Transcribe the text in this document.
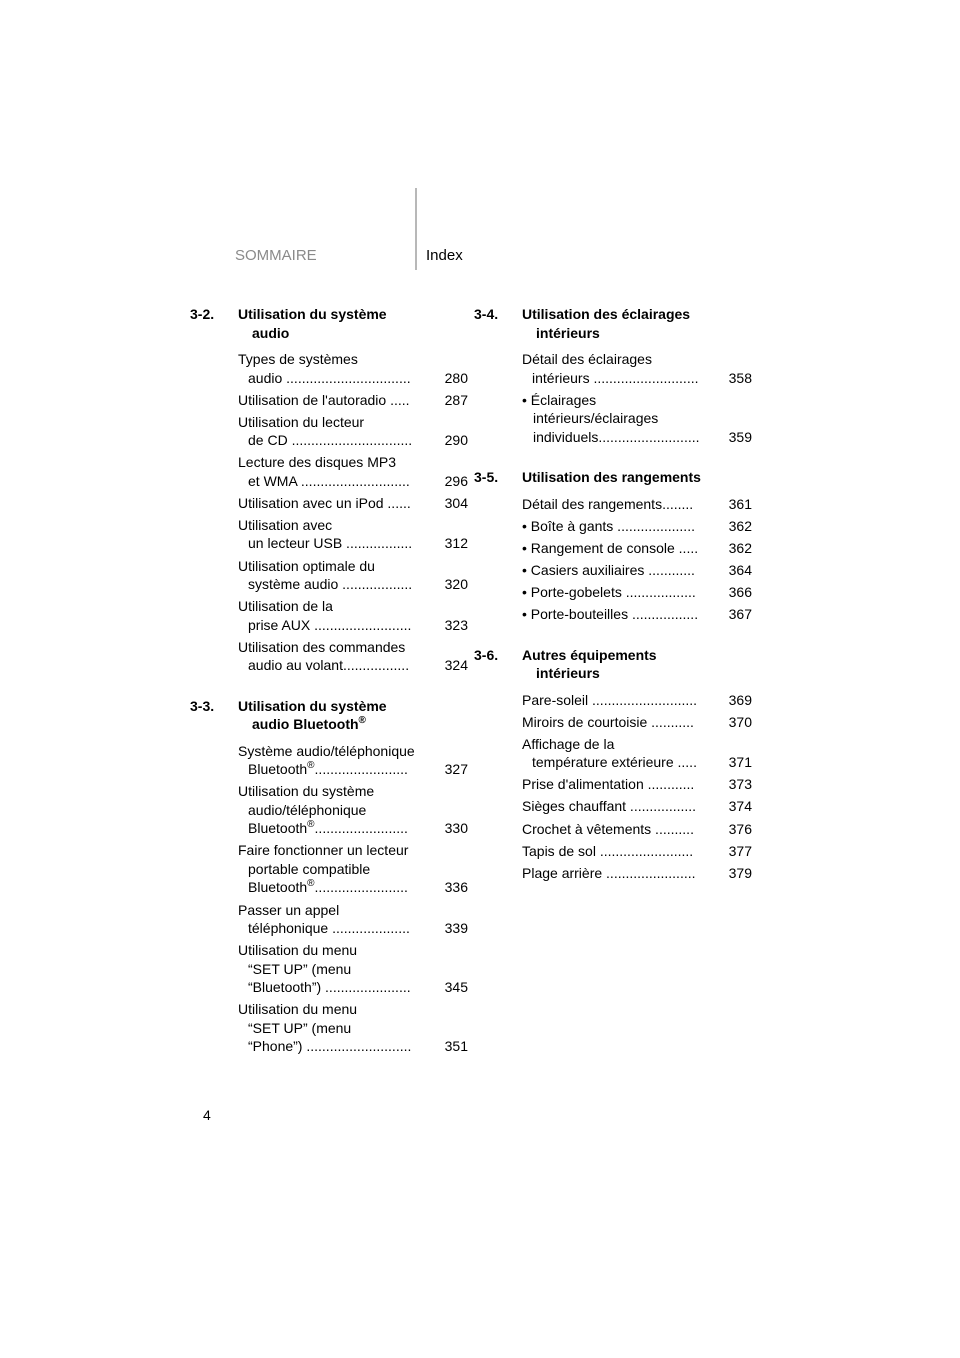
SOMMAIRE	Index
3-2. Utilisation du système
audio
Types de systèmes
audio ................................	280
Utilisation de l'autoradio .....	287
Utilisation du lecteur
de CD ...............................	290
Lecture des disques MP3
et WMA ............................	296
Utilisation avec un iPod ......	304
Utilisation avec
un lecteur USB .................	312
Utilisation optimale du
système audio ..................	320
Utilisation de la
prise AUX .........................	323
Utilisation des commandes
audio au volant.................	324
3-3. Utilisation du système
audio Bluetooth®
Système audio/téléphonique
Bluetooth®........................	327
Utilisation du système
audio/téléphonique
Bluetooth®........................	330
Faire fonctionner un lecteur
portable compatible
Bluetooth®........................	336
Passer un appel
téléphonique ....................	339
Utilisation du menu
“SET UP” (menu
“Bluetooth”) ......................	345
Utilisation du menu
“SET UP” (menu
“Phone”) ...........................	351
3-4. Utilisation des éclairages
intérieurs
Détail des éclairages
intérieurs ...........................	358
• Éclairages
intérieurs/éclairages
individuels..........................	359
3-5. Utilisation des rangements
Détail des rangements........	361
• Boîte à gants ....................	362
• Rangement de console .....	362
• Casiers auxiliaires ............	364
• Porte-gobelets ..................	366
• Porte-bouteilles .................	367
3-6. Autres équipements
intérieurs
Pare-soleil ...........................	369
Miroirs de courtoisie ...........	370
Affichage de la
température extérieure .....	371
Prise d'alimentation ............	373
Sièges chauffant .................	374
Crochet à vêtements ..........	376
Tapis de sol ........................	377
Plage arrière .......................	379
4
